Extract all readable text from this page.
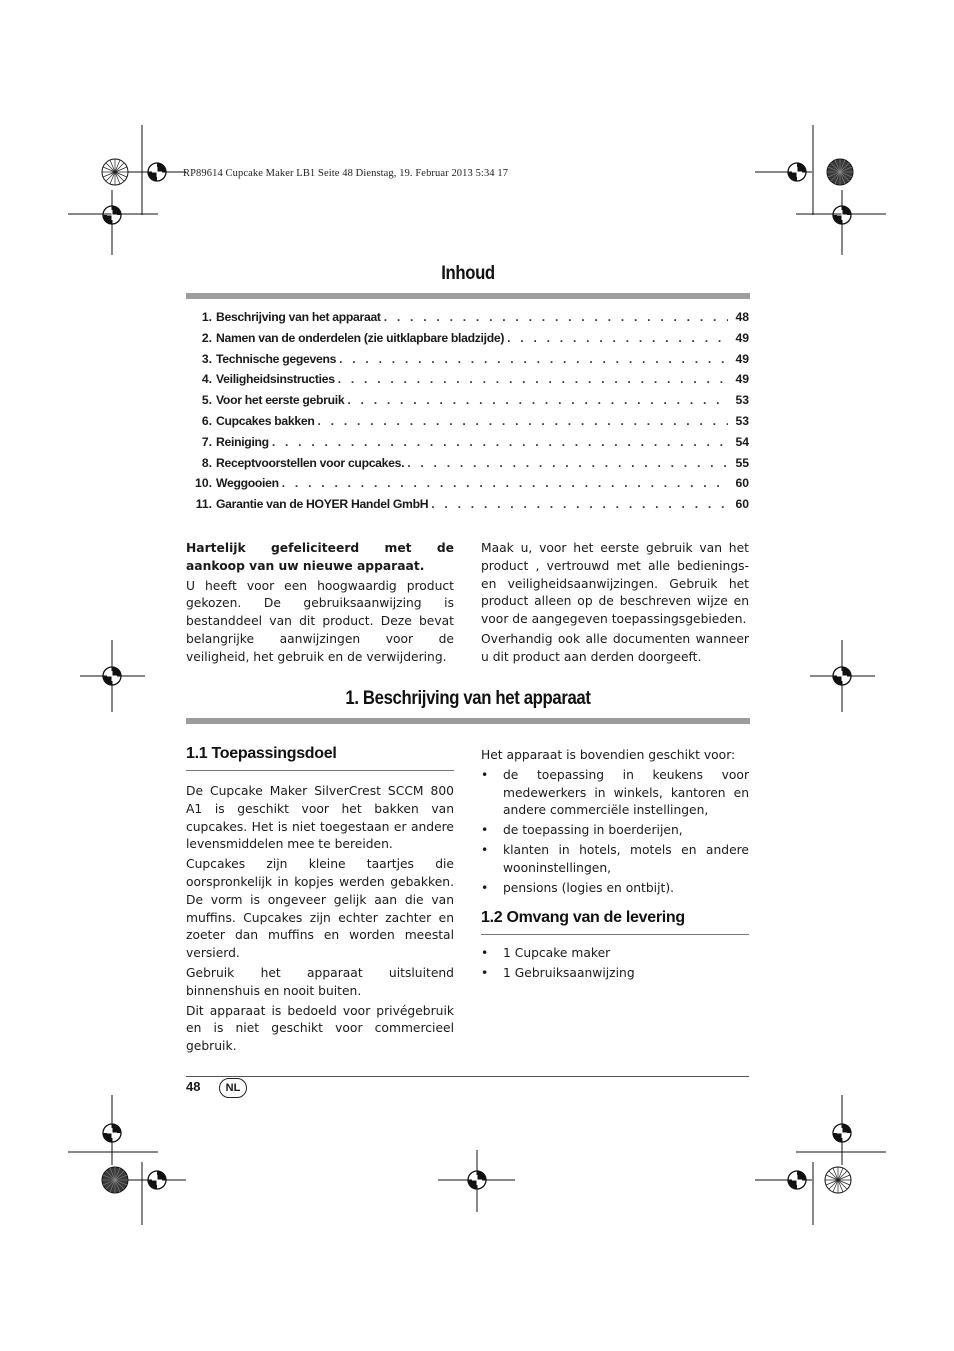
RP89614 Cupcake Maker LB1 Seite 48 Dienstag, 19. Februar 2013 5:34 17
Inhoud
1. Beschrijving van het apparaat . . .	48
2. Namen van de onderdelen (zie uitklapbare bladzijde) . . .	49
3. Technische gegevens . . .	49
4. Veiligheidsinstructies . . .	49
5. Voor het eerste gebruik . . .	53
6. Cupcakes bakken . . .	53
7. Reiniging . . .	54
8. Receptvoorstellen voor cupcakes. . . .	55
10. Weggooien . . .	60
11. Garantie van de HOYER Handel GmbH . . .	60

Hartelijk gefeliciteerd met de aankoop van uw nieuwe apparaat.

U heeft voor een hoogwaardig product gekozen. De gebruiksaanwijzing is bestanddeel van dit product. Deze bevat belangrijke aanwijzingen voor de veiligheid, het gebruik en de verwijdering.

Maak u, voor het eerste gebruik van het product , vertrouwd met alle bedienings- en veiligheidsaanwijzingen. Gebruik het product alleen op de beschreven wijze en voor de aangegeven toepassingsgebieden.

Overhandig ook alle documenten wanneer u dit product aan derden doorgeeft.

1. Beschrijving van het apparaat
1.1 Toepassingsdoel

De Cupcake Maker SilverCrest SCCM 800 A1 is geschikt voor het bakken van cupcakes. Het is niet toegestaan er andere levensmiddelen mee te bereiden.

Cupcakes zijn kleine taartjes die oorspronkelijk in kopjes werden gebakken. De vorm is ongeveer gelijk aan die van muffins. Cupcakes zijn echter zachter en zoeter dan muffins en worden meestal versierd.

Gebruik het apparaat uitsluitend binnenshuis en nooit buiten.

Dit apparaat is bedoeld voor privégebruik en is niet geschikt voor commercieel gebruik.

Het apparaat is bovendien geschikt voor:

• de toepassing in keukens voor medewerkers in winkels, kantoren en andere commerciële instellingen,
• de toepassing in boerderijen,
• klanten in hotels, motels en andere wooninstellingen,
• pensions (logies en ontbijt).
1.2 Omvang van de levering
• 1 Cupcake maker
• 1 Gebruiksaanwijzing
48	NL
